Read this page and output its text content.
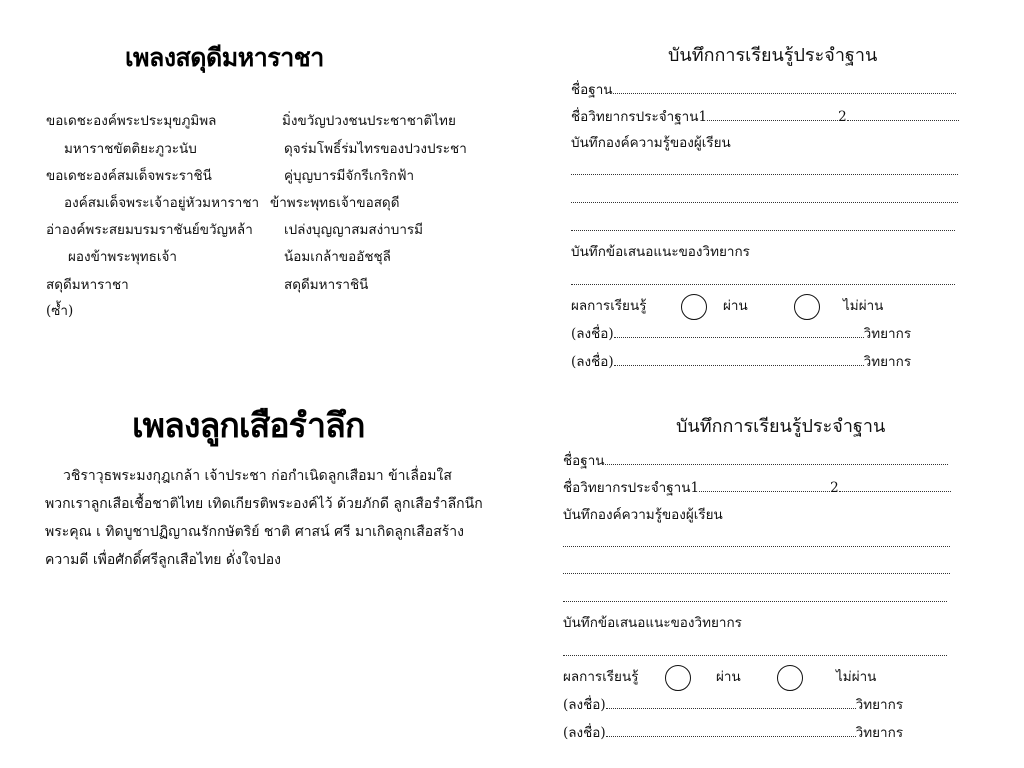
เพลงสดุดีมหาราชา
ขอเดชะองค์พระประมุขภูมิพล
มหาราชขัตติยะภูวะนับ
ขอเดชะองค์สมเด็จพระราชินี
องค์สมเด็จพระเจ้าอยู่หัวมหาราชา
อ่าองค์พระสยมบรมราชันย์ขวัญหล้า
ผองข้าพระพุทธเจ้า
สดุดีมหาราชา
(ซ้ำ)
มิ่งขวัญปวงชนประชาชาติไทย
ดุจร่มโพธิ์ร่มไทรของปวงประชา
คู่บุญบารมีจักรีเกริกฟ้า
ข้าพระพุทธเจ้าขอสดุดี
เปล่งบุญญาสมสง่าบารมี
น้อมเกล้าขออัชชุลี
สดุดีมหาราชินี
เพลงลูกเสือรำลึก

วชิราวุธพระมงกุฎเกล้า เจ้าประชา ก่อกำเนิดลูกเสือมา ข้าเลื่อมใส

พวกเราลูกเสือเชื้อชาติไทย เทิดเกียรติพระองค์ไว้ ด้วยภักดี ลูกเสือรำลึกนึก

พระคุณ เ ทิดบูชาปฏิญาณรักกษัตริย์ ชาติ ศาสน์ ศรี มาเกิดลูกเสือสร้าง

ความดี เพื่อศักดิ์ศรีลูกเสือไทย ดั่งใจปอง

บันทึกการเรียนรู้ประจำฐาน
ชื่อฐาน
ชื่อวิทยากรประจำฐาน1	2
บันทึกองค์ความรู้ของผู้เรียน
บันทึกข้อเสนอแนะของวิทยากร
ผลการเรียนรู้	ผ่าน	ไม่ผ่าน
(ลงชื่อ)	วิทยากร
(ลงชื่อ)	วิทยากร
บันทึกการเรียนรู้ประจำฐาน
ชื่อฐาน
ชื่อวิทยากรประจำฐาน1	2
บันทึกองค์ความรู้ของผู้เรียน
บันทึกข้อเสนอแนะของวิทยากร
ผลการเรียนรู้	ผ่าน	ไม่ผ่าน
(ลงชื่อ)	วิทยากร
(ลงชื่อ)	วิทยากร
